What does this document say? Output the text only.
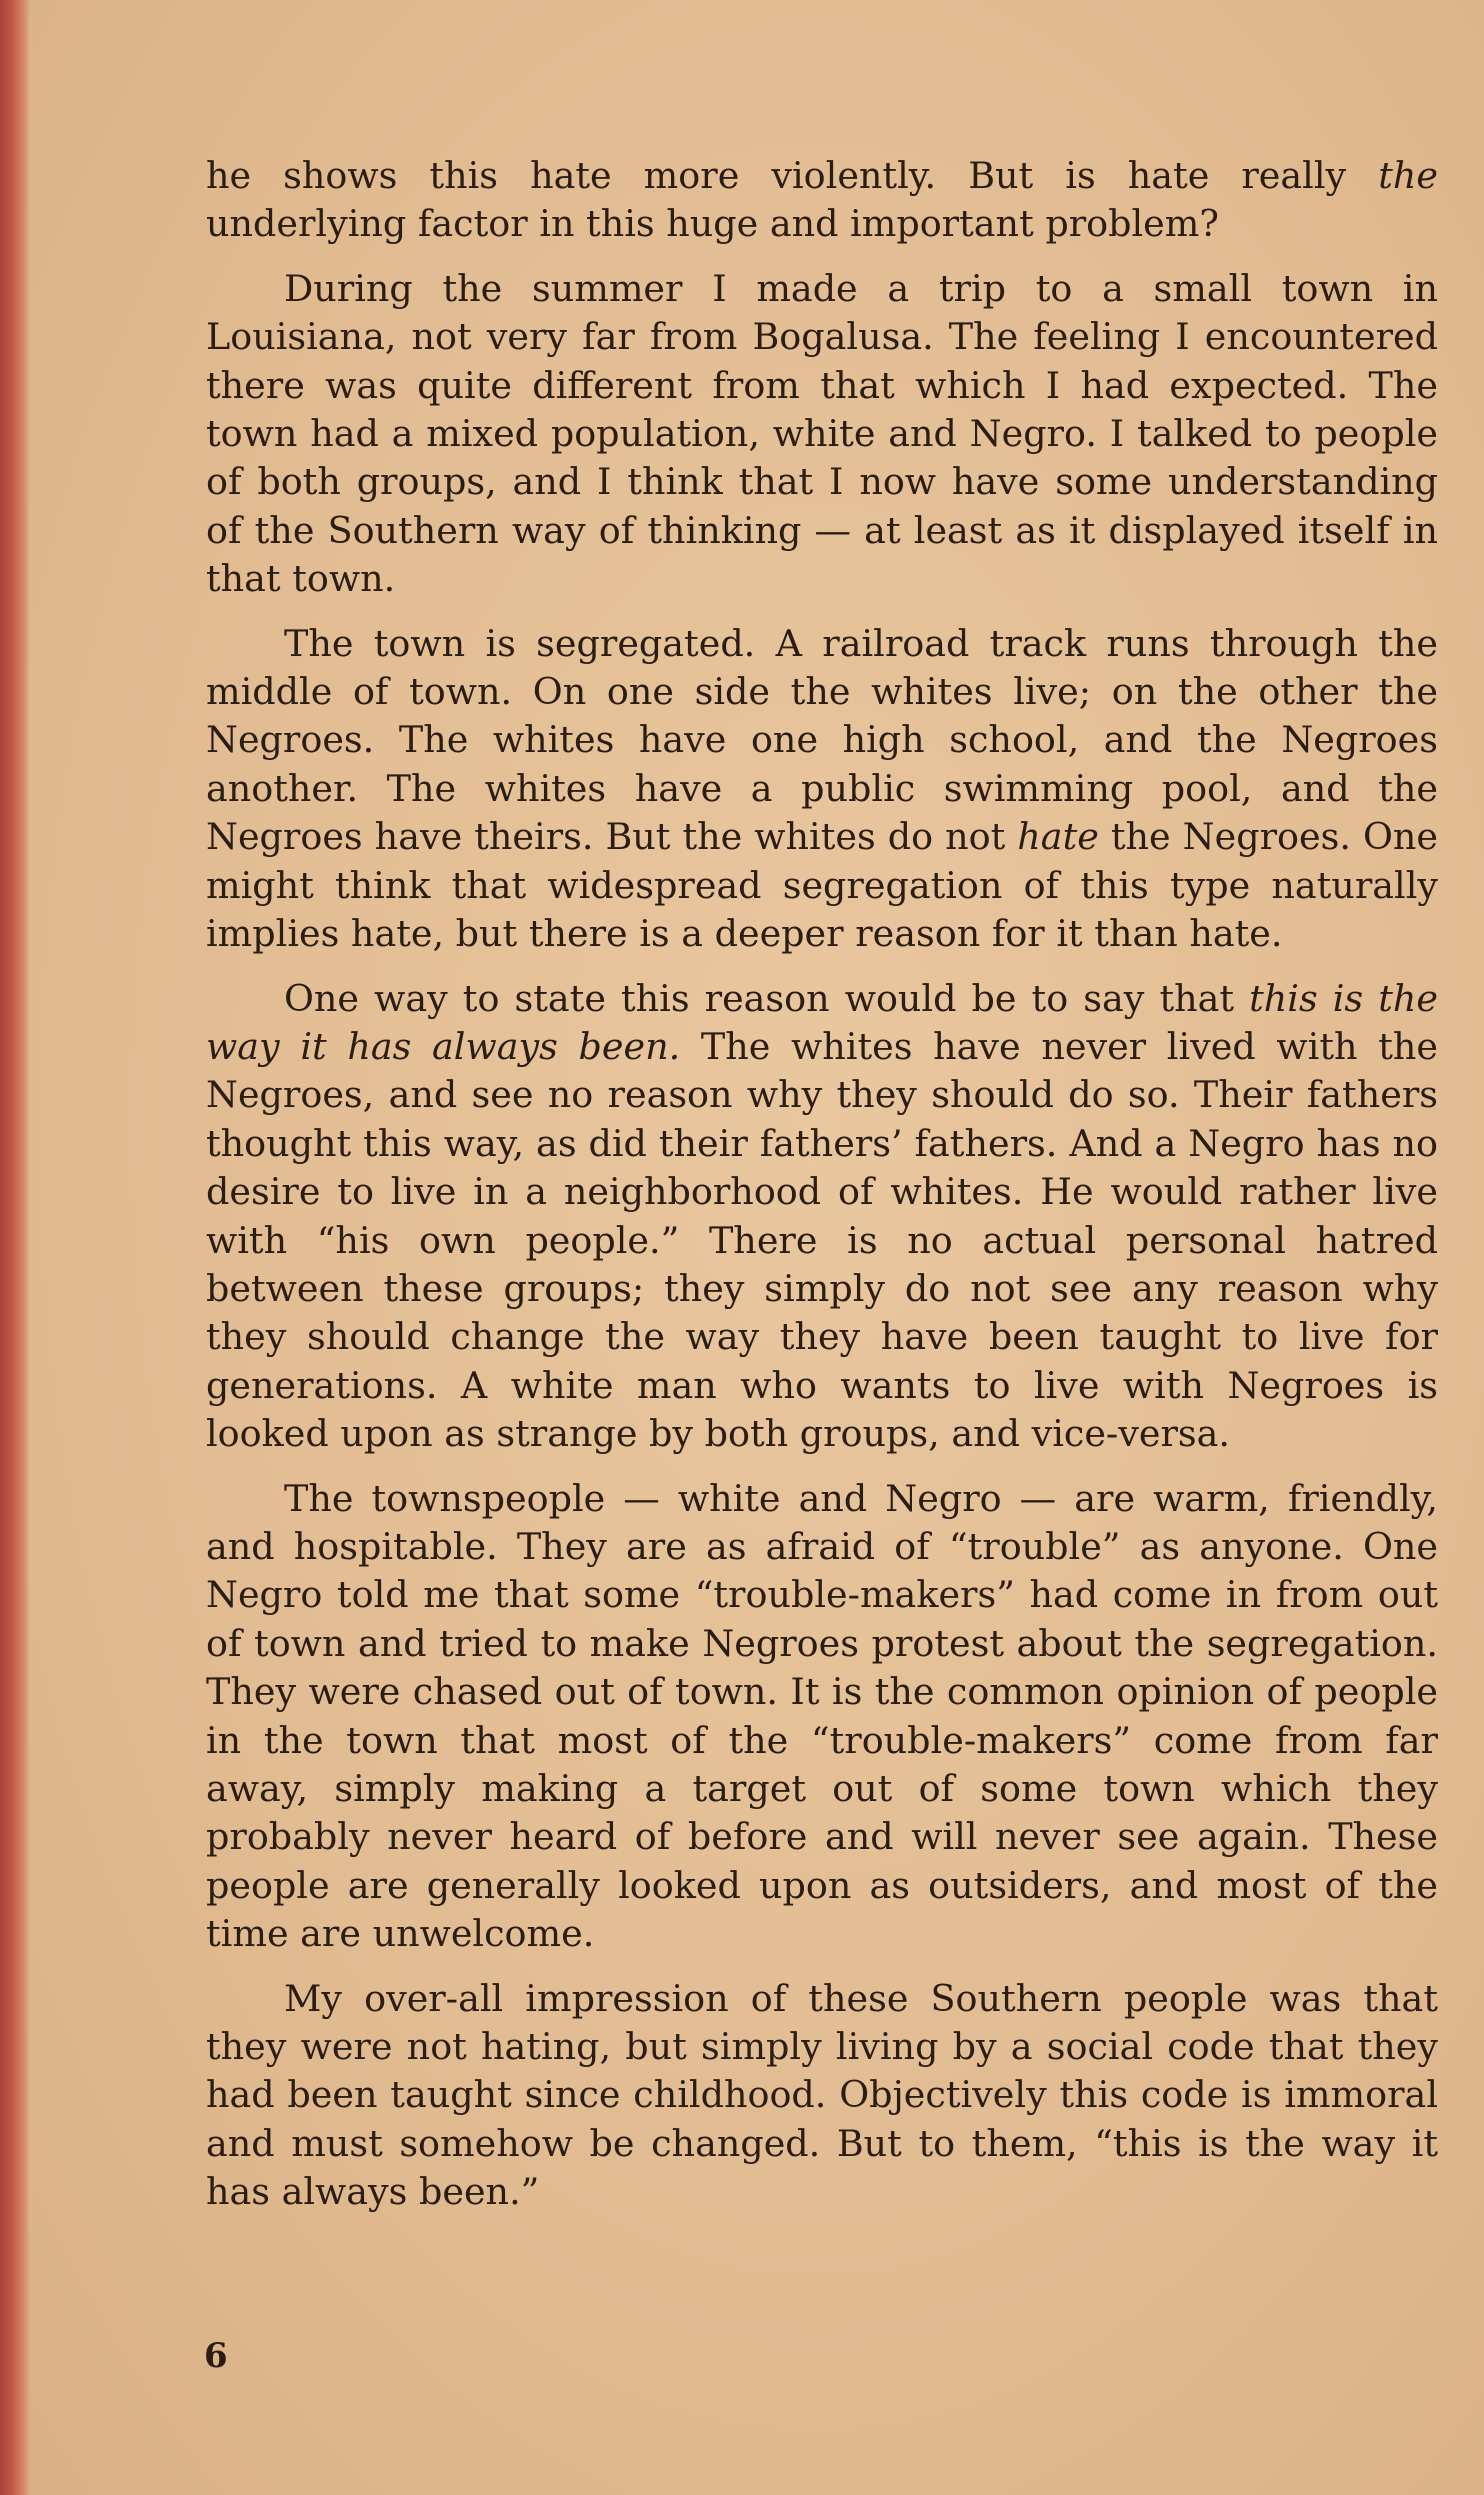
he shows this hate more violently. But is hate really the underlying factor in this huge and important problem?

During the summer I made a trip to a small town in Louisiana, not very far from Bogalusa. The feeling I encountered there was quite different from that which I had expected. The town had a mixed population, white and Negro. I talked to people of both groups, and I think that I now have some understanding of the Southern way of thinking — at least as it displayed itself in that town.

The town is segregated. A railroad track runs through the middle of town. On one side the whites live; on the other the Negroes. The whites have one high school, and the Negroes another. The whites have a public swimming pool, and the Negroes have theirs. But the whites do not hate the Negroes. One might think that widespread segregation of this type naturally implies hate, but there is a deeper reason for it than hate.

One way to state this reason would be to say that this is the way it has always been. The whites have never lived with the Negroes, and see no reason why they should do so. Their fathers thought this way, as did their fathers’ fathers. And a Negro has no desire to live in a neighborhood of whites. He would rather live with “his own people.” There is no actual personal hatred between these groups; they simply do not see any reason why they should change the way they have been taught to live for generations. A white man who wants to live with Negroes is looked upon as strange by both groups, and vice-versa.

The townspeople — white and Negro — are warm, friendly, and hospitable. They are as afraid of “trouble” as anyone. One Negro told me that some “trouble-makers” had come in from out of town and tried to make Negroes protest about the segregation. They were chased out of town. It is the common opinion of people in the town that most of the “trouble-makers” come from far away, simply making a target out of some town which they probably never heard of before and will never see again. These people are generally looked upon as outsiders, and most of the time are unwelcome.

My over-all impression of these Southern people was that they were not hating, but simply living by a social code that they had been taught since childhood. Objectively this code is immoral and must somehow be changed. But to them, “this is the way it has always been.”

6
